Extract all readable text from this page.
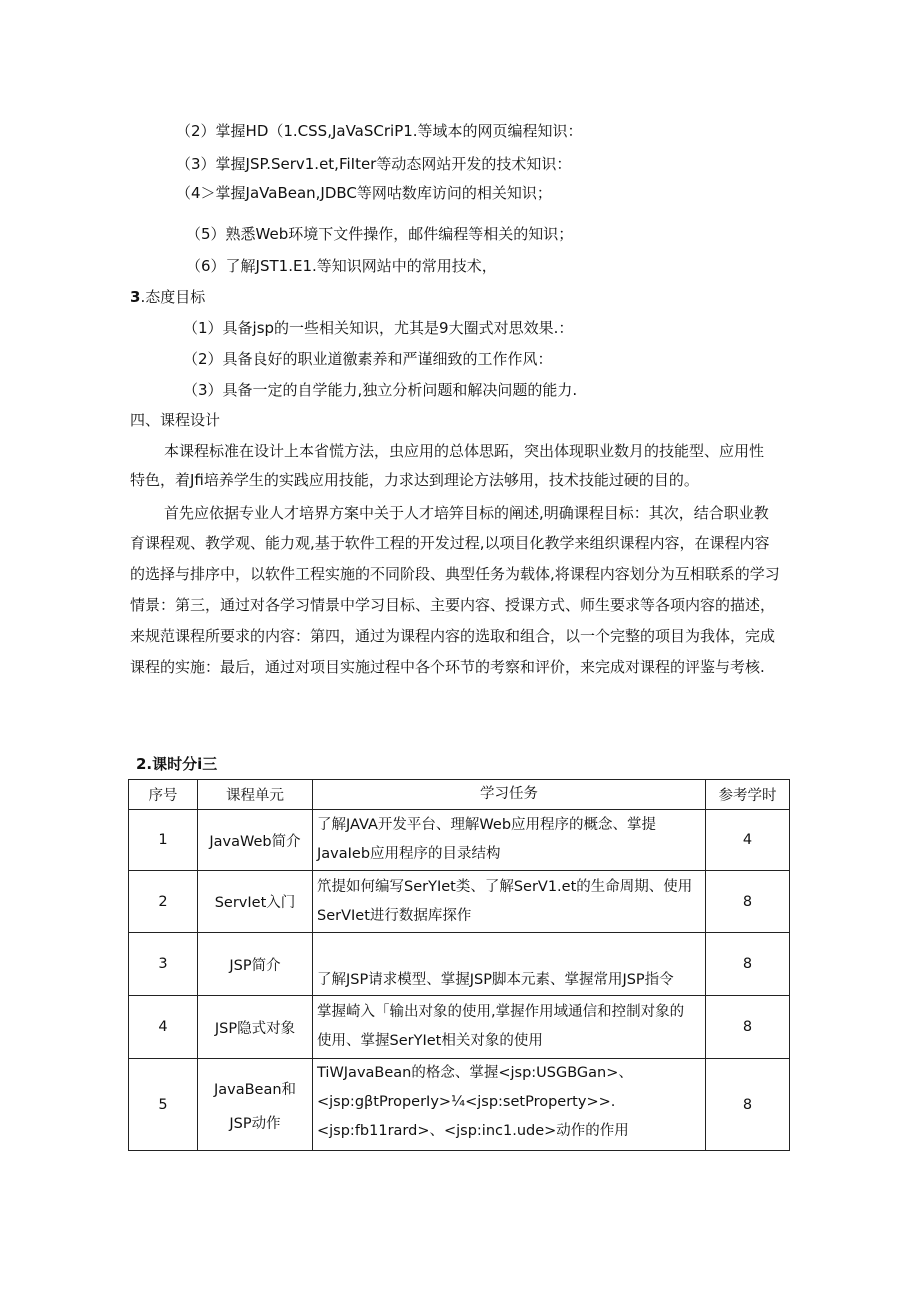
（2）掌握HD（1.CSS,JaVaSCriP1.等域本的网页编程知识：
（3）掌握JSP.Serv1.et,FiIter等动态网站开发的技术知识：
（4＞掌握JaVaBean,JDBC等网咕数库访问的相关知识；
（5）熟悉Web环境下文件操作，邮件编程等相关的知识；
（6）了解JST1.E1.等知识网站中的常用技术，
3.态度目标
（1）具备jsp的一些相关知识，尤其是9大圈式对思效果.：
（2）具备良好的职业道徼素养和严谨细致的工作作风：
（3）具备一定的自学能力,独立分析问题和解决问题的能力.
四、课程设计
本课程标准在设计上本省慌方法，虫应用的总体思跖，突出体现职业数月的技能型、应用性
特色，着Jfi培养学生的实践应用技能，力求达到理论方法够用，技术技能过硬的目的。
首先应依据专业人才培界方案中关于人才培笄目标的阐述,明确课程目标：其次，结合职业教
育课程观、教学观、能力观,基于软件工程的开发过程,以项目化教学来组织课程内容，在课程内容
的选择与排序中，以软件工程实施的不同阶段、典型任务为载体,将课程内容划分为互相联系的学习
情景：第三，通过对各学习情景中学习目标、主要内容、授课方式、师生要求等各项内容的描述，
来规范课程所要求的内容：第四，通过为课程内容的选取和组合，以一个完整的项目为我体，完成
课程的实施：最后，通过对项目实施过程中各个环节的考察和评价，来完成对课程的评鉴与考核.
2.课时分i三
序号	课程单元	学习任务	参考学时
1	JavaWeb简介	了解JAVA开发平台、理解Web应用程序的概念、掌提
JavaIeb应用程序的目录结构	4
2	ServIet入门	笊提如何编写SerYIet类、了解SerV1.et的生命周期、使用
SerVIet进行数据库探作	8
3	JSP简介	了解JSP请求模型、掌握JSP脚本元素、掌握常用JSP指令	8
4	JSP隐式对象	掌握崎入「输出对象的使用,掌握作用域通信和控制对象的
使用、掌握SerYIet相关对象的使用	8
5	JavaBean和
JSP动作	TiWJavaBean的格念、掌握<jsp:USGBGan>、
<jsp:gβtProperIy>¼<jsp:setProperty>>.
<jsp:fb11rard>、<jsp:inc1.ude>动作的作用	8
